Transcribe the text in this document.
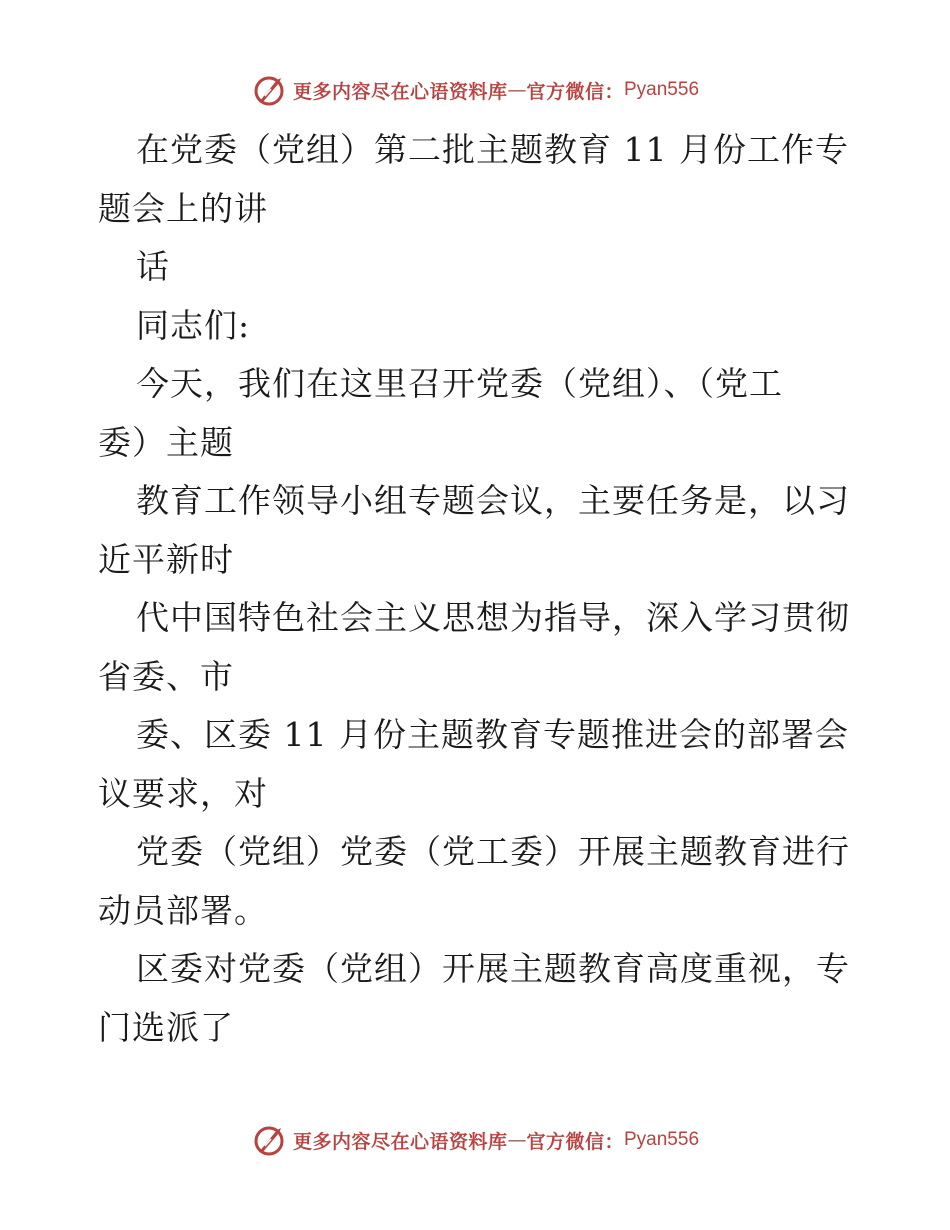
更多内容尽在心语资料库 — 官方微信： Pyan556
在党委（党组）第二批主题教育 11 月份工作专
题会上的讲
话
同志们:
今天，我们在这里召开党委（党组）、（党工
委）主题
教育工作领导小组专题会议，主要任务是，以习
近平新时
代中国特色社会主义思想为指导，深入学习贯彻
省委、市
委、区委 11 月份主题教育专题推进会的部署会
议要求，对
党委（党组）党委（党工委）开展主题教育进行
动员部署。
区委对党委（党组）开展主题教育高度重视，专
门选派了
更多内容尽在心语资料库 — 官方微信： Pyan556
